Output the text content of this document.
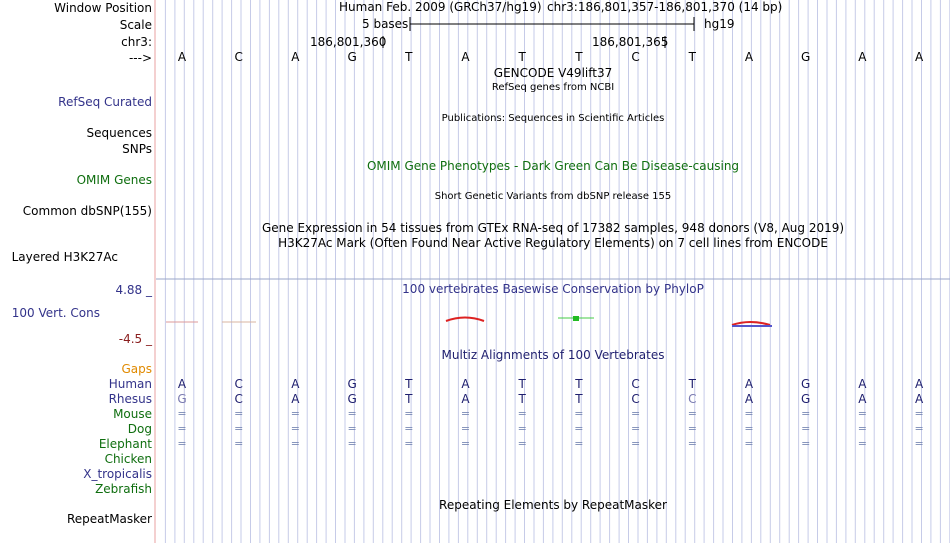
Window Position
Scale
chr3:
--->
RefSeq Curated
Sequences
SNPs
OMIM Genes
Common dbSNP(155)
Layered H3K27Ac
4.88 _
100 Vert. Cons
-4.5 _
Gaps
Human
Rhesus
Mouse
Dog
Elephant
Chicken
X_tropicalis
Zebrafish
RepeatMasker
Human Feb. 2009 (GRCh37/hg19) chr3:186,801,357-186,801,370 (14 bp)
5 bases	hg19
186,801,360	186,801,365
A	C	A	G	T	A	T	T	C	T	A	G	A	A
GENCODE V49lift37
RefSeq genes from NCBI
Publications: Sequences in Scientific Articles
OMIM Gene Phenotypes - Dark Green Can Be Disease-causing
Short Genetic Variants from dbSNP release 155
Gene Expression in 54 tissues from GTEx RNA-seq of 17382 samples, 948 donors (V8, Aug 2019)
H3K27Ac Mark (Often Found Near Active Regulatory Elements) on 7 cell lines from ENCODE
100 vertebrates Basewise Conservation by PhyloP
Multiz Alignments of 100 Vertebrates
Repeating Elements by RepeatMasker
A	C	A	G	T	A	T	T	C	T	A	G	A	A
G	C	A	G	T	A	T	T	C	C	A	G	A	A
=	=	=	=	=	=	=	=	=	=	=	=	=	=
=	=	=	=	=	=	=	=	=	=	=	=	=	=
=	=	=	=	=	=	=	=	=	=	=	=	=	=
